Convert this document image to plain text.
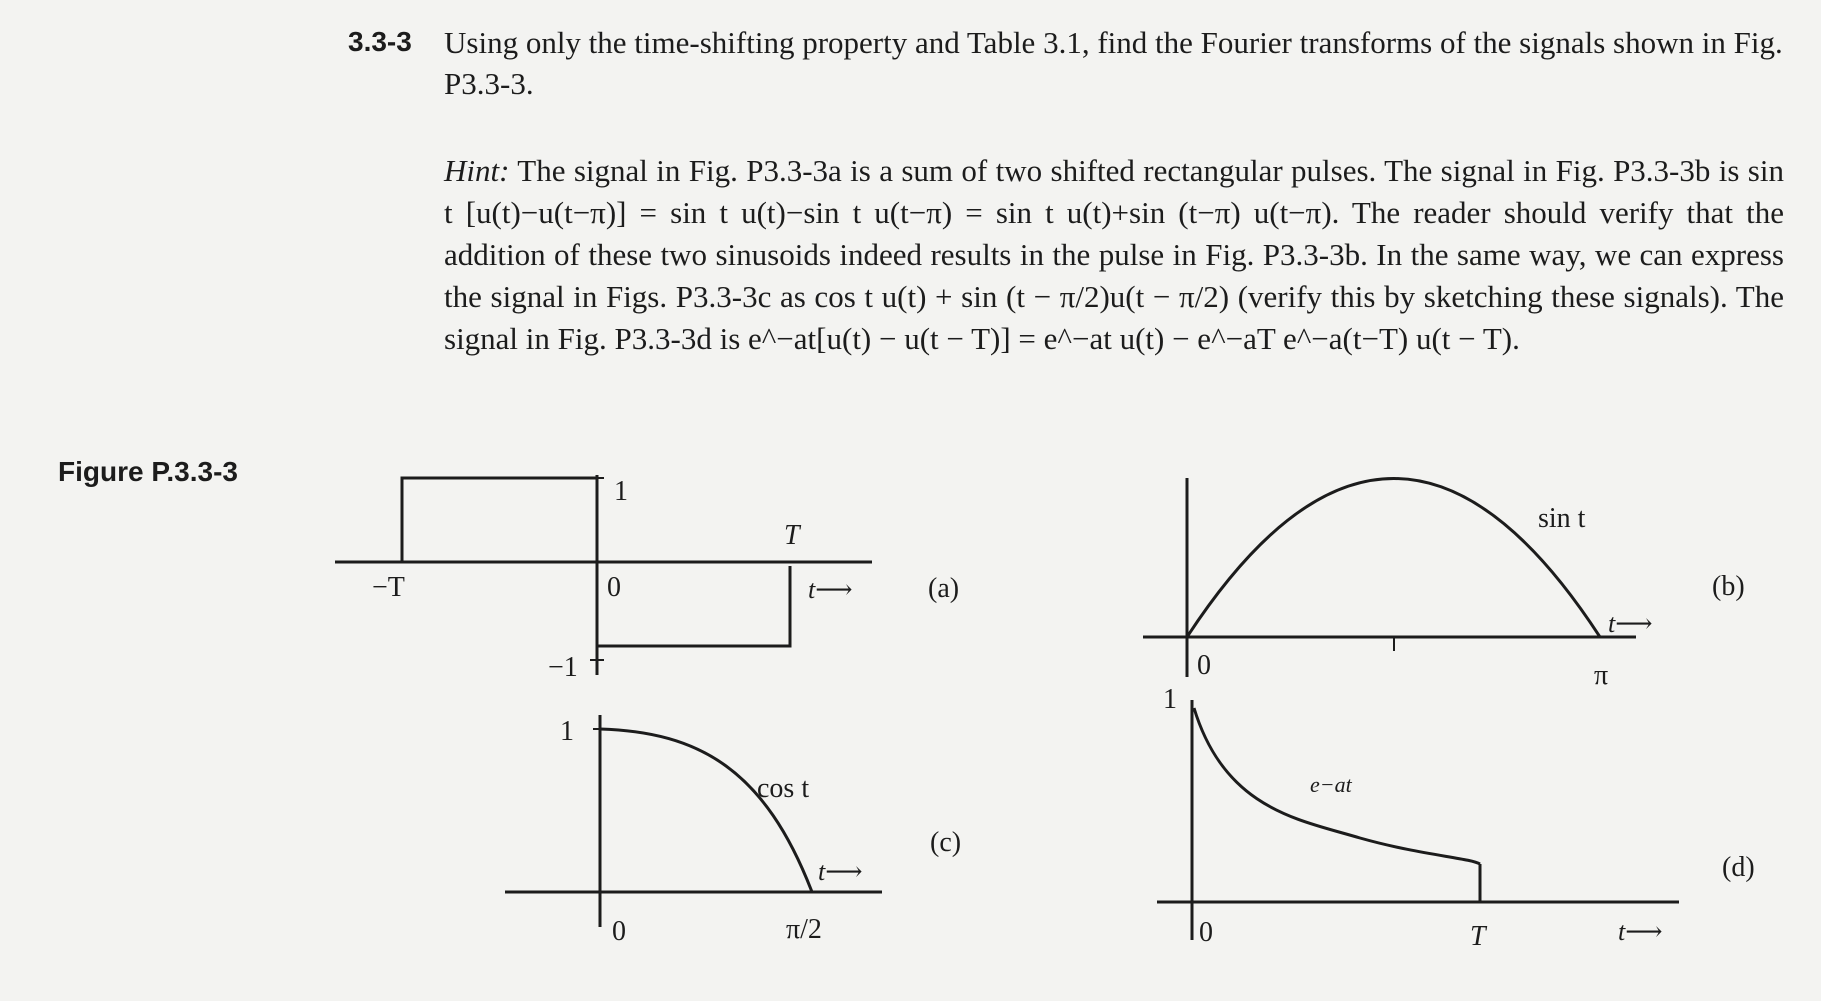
3.3-3 Using only the time-shifting property and Table 3.1, find the Fourier transforms of the signals shown in Fig. P3.3-3.

Hint: The signal in Fig. P3.3-3a is a sum of two shifted rectangular pulses. The signal in Fig. P3.3-3b is sin t [u(t)−u(t−π)] = sin t u(t)−sin t u(t−π) = sin t u(t)+sin (t−π) u(t−π). The reader should verify that the addition of these two sinusoids indeed results in the pulse in Fig. P3.3-3b. In the same way, we can express the signal in Figs. P3.3-3c as cos t u(t) + sin (t − π/2)u(t − π/2) (verify this by sketching these signals). The signal in Fig. P3.3-3d is e^−at[u(t) − u(t − T)] = e^−at u(t) − e^−aT e^−a(t−T) u(t − T).

Figure P.3.3-3
−T	0
1
−1
T
t⟶	(a)
sin t
0	π
t⟶
(b)
1
cos t
0	π/2
t⟶
(c)
1
e−at
0	T	t⟶
(d)
